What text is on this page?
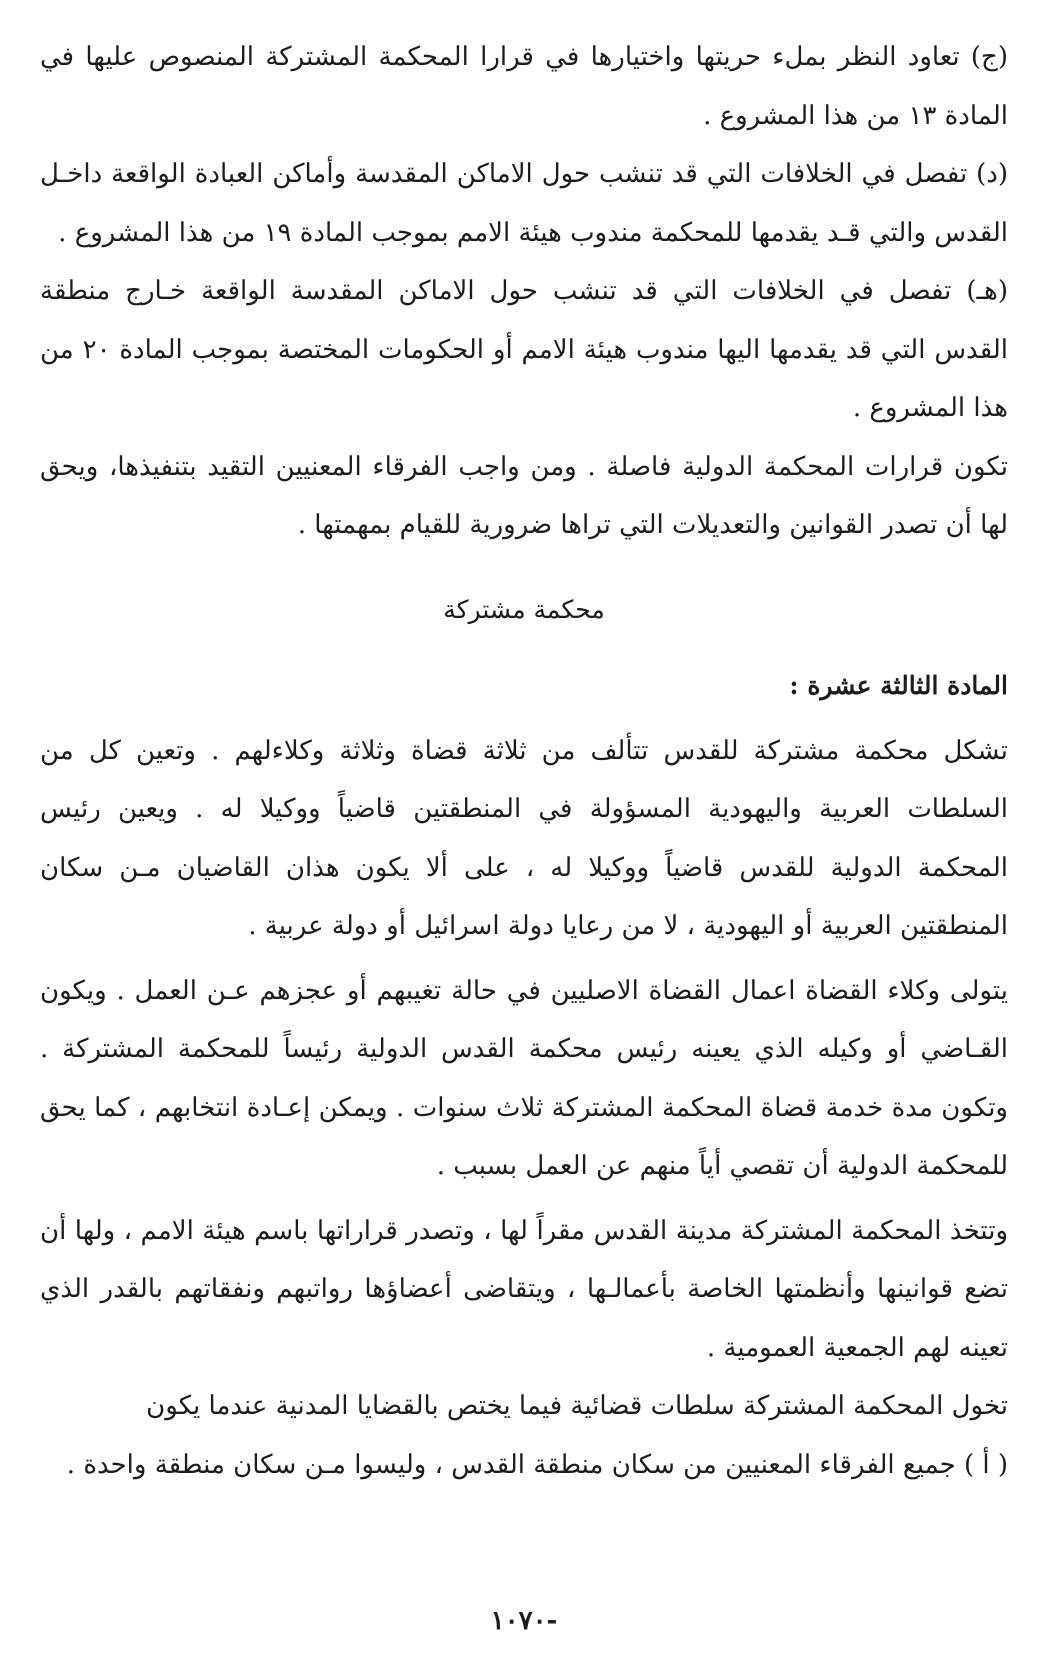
(ج) تعاود النظر بملء حريتها واختيارها في قرارا المحكمة المشتركة المنصوص عليها في المادة ١٣ من هذا المشروع .

(د) تفصل في الخلافات التي قد تنشب حول الاماكن المقدسة وأماكن العبادة الواقعة داخـل القدس والتي قـد يقدمها للمحكمة مندوب هيئة الامم بموجب المادة ١٩ من هذا المشروع .

(هـ) تفصل في الخلافات التي قد تنشب حول الاماكن المقدسة الواقعة خـارج منطقة القدس التي قد يقدمها اليها مندوب هيئة الامم أو الحكومات المختصة بموجب المادة ٢٠ من هذا المشروع .

تكون قرارات المحكمة الدولية فاصلة . ومن واجب الفرقاء المعنيين التقيد بتنفيذها، ويحق لها أن تصدر القوانين والتعديلات التي تراها ضرورية للقيام بمهمتها .

محكمة مشتركة

المادة الثالثة عشرة :

تشكل محكمة مشتركة للقدس تتألف من ثلاثة قضاة وثلاثة وكلاءلهم . وتعين كل من السلطات العربية واليهودية المسؤولة في المنطقتين قاضياً ووكيلا له . ويعين رئيس المحكمة الدولية للقدس قاضياً ووكيلا له ، على ألا يكون هذان القاضيان مـن سكان المنطقتين العربية أو اليهودية ، لا من رعايا دولة اسرائيل أو دولة عربية .

يتولى وكلاء القضاة اعمال القضاة الاصليين في حالة تغيبهم أو عجزهم عـن العمل . ويكون القـاضي أو وكيله الذي يعينه رئيس محكمة القدس الدولية رئيساً للمحكمة المشتركة . وتكون مدة خدمة قضاة المحكمة المشتركة ثلاث سنوات . ويمكن إعـادة انتخابهم ، كما يحق للمحكمة الدولية أن تقصي أياً منهم عن العمل بسبب .

وتتخذ المحكمة المشتركة مدينة القدس مقراً لها ، وتصدر قراراتها باسم هيئة الامم ، ولها أن تضع قوانينها وأنظمتها الخاصة بأعمالـها ، ويتقاضى أعضاؤها رواتبهم ونفقاتهم بالقدر الذي تعينه لهم الجمعية العمومية .

تخول المحكمة المشتركة سلطات قضائية فيما يختص بالقضايا المدنية عندما يكون

( أ ) جميع الفرقاء المعنيين من سكان منطقة القدس ، وليسوا مـن سكان منطقة واحدة .

-١٠٧٠
